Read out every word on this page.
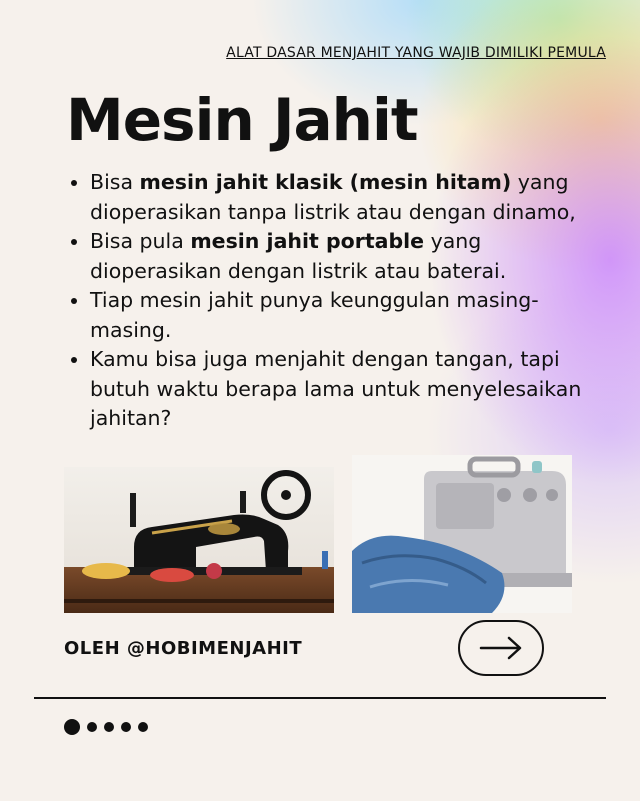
ALAT DASAR MENJAHIT YANG WAJIB DIMILIKI PEMULA

Mesin Jahit
• Bisa mesin jahit klasik (mesin hitam) yang dioperasikan tanpa listrik atau dengan dinamo,
• Bisa pula mesin jahit portable yang dioperasikan dengan listrik atau baterai.
• Tiap mesin jahit punya keunggulan masing-masing.
• Kamu bisa juga menjahit dengan tangan, tapi butuh waktu berapa lama untuk menyelesaikan jahitan?

OLEH @HOBIMENJAHIT
